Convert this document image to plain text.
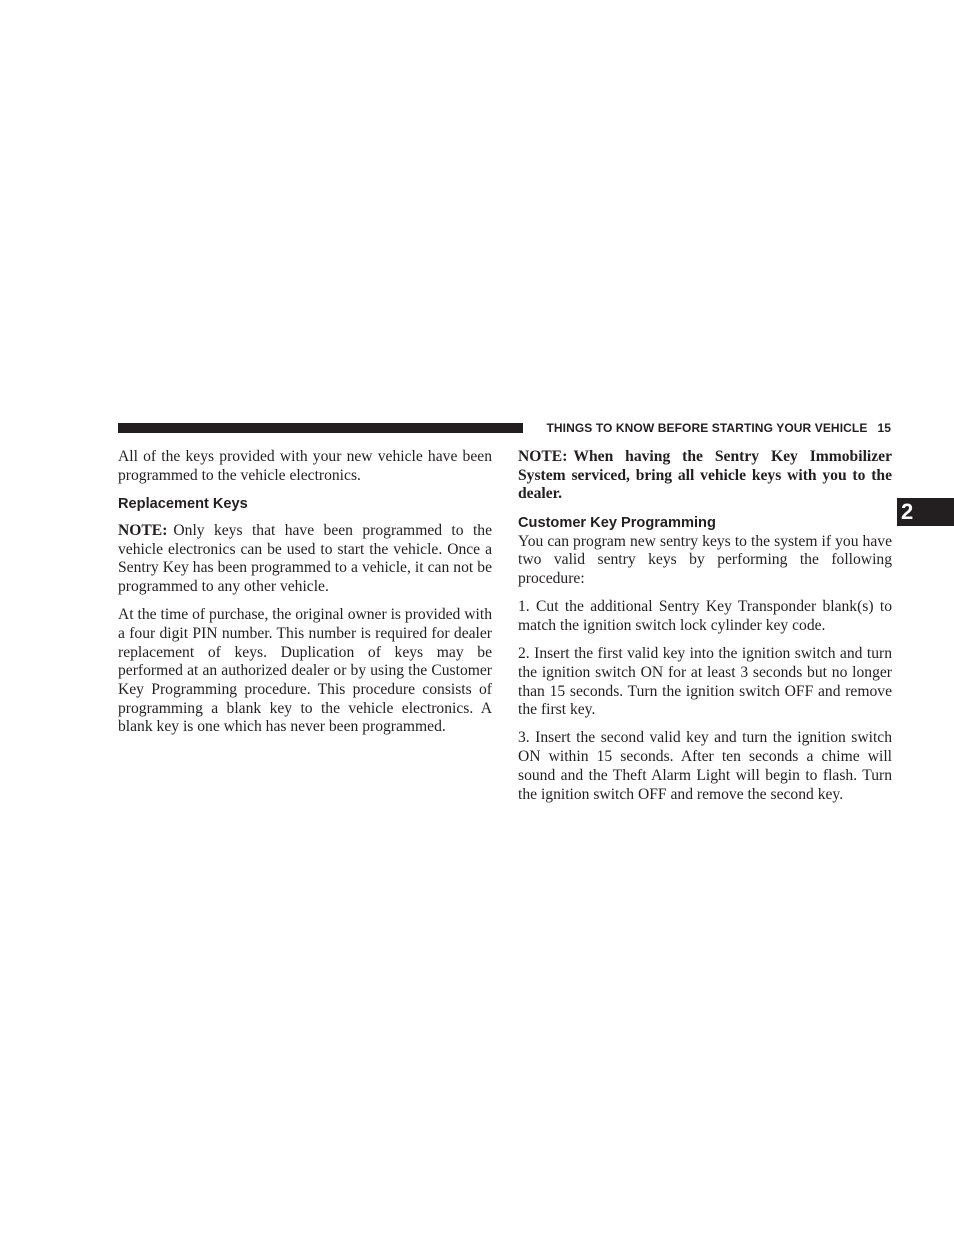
THINGS TO KNOW BEFORE STARTING YOUR VEHICLE 15
2

All of the keys provided with your new vehicle have been programmed to the vehicle electronics.

Replacement Keys

NOTE: Only keys that have been programmed to the vehicle electronics can be used to start the vehicle. Once a Sentry Key has been programmed to a vehicle, it can not be programmed to any other vehicle.

At the time of purchase, the original owner is provided with a four digit PIN number. This number is required for dealer replacement of keys. Duplication of keys may be performed at an authorized dealer or by using the Customer Key Programming procedure. This procedure consists of programming a blank key to the vehicle electronics. A blank key is one which has never been programmed.

NOTE: When having the Sentry Key Immobilizer System serviced, bring all vehicle keys with you to the dealer.

Customer Key Programming

You can program new sentry keys to the system if you have two valid sentry keys by performing the following procedure:

1. Cut the additional Sentry Key Transponder blank(s) to match the ignition switch lock cylinder key code.

2. Insert the first valid key into the ignition switch and turn the ignition switch ON for at least 3 seconds but no longer than 15 seconds. Turn the ignition switch OFF and remove the first key.

3. Insert the second valid key and turn the ignition switch ON within 15 seconds. After ten seconds a chime will sound and the Theft Alarm Light will begin to flash. Turn the ignition switch OFF and remove the second key.
